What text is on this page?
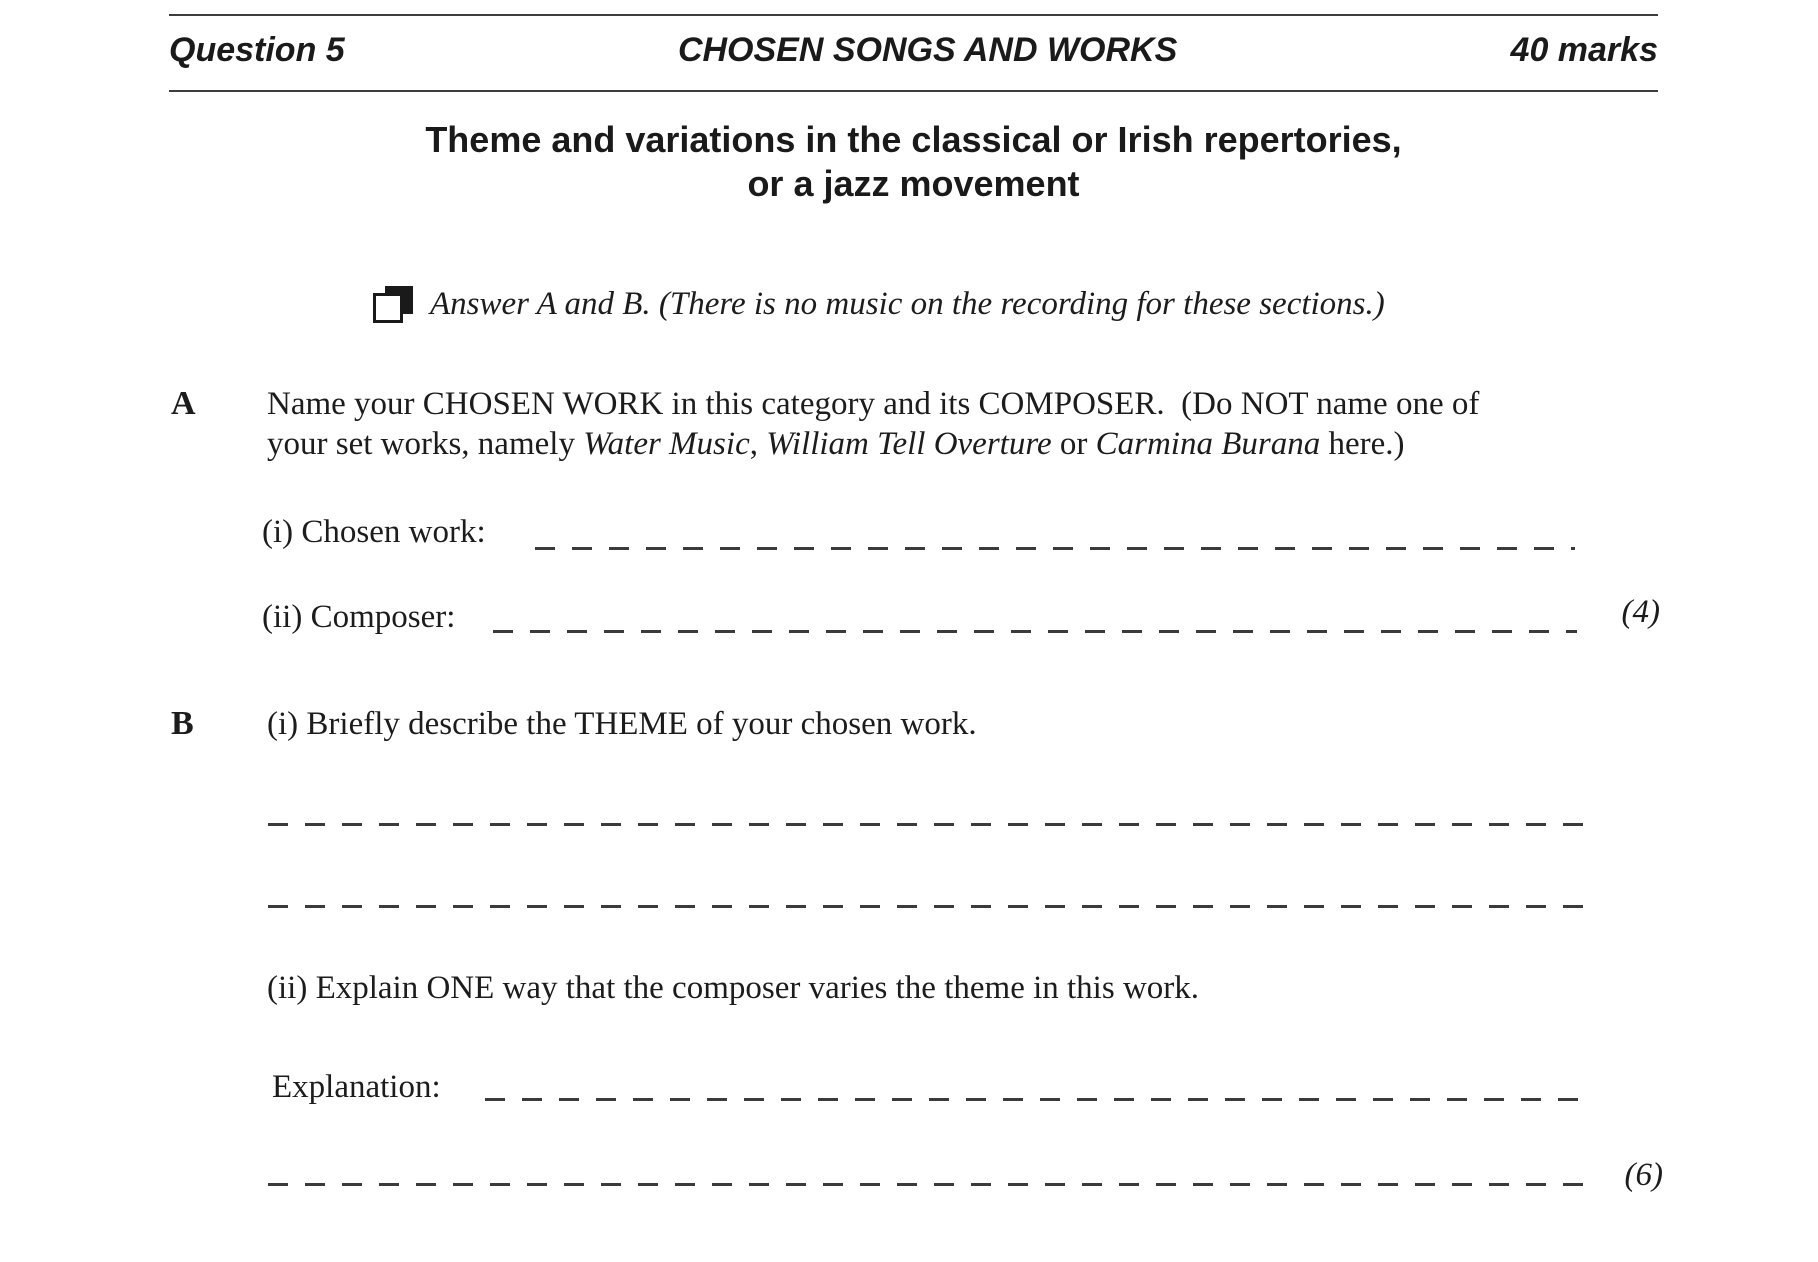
Question 5	CHOSEN SONGS AND WORKS	40 marks
Theme and variations in the classical or Irish repertories,
or a jazz movement
Answer A and B. (There is no music on the recording for these sections.)
A Name your CHOSEN WORK in this category and its COMPOSER.  (Do NOT name one of
your set works, namely Water Music, William Tell Overture or Carmina Burana here.)
(i) Chosen work:
(ii) Composer:	(4)
B (i) Briefly describe the THEME of your chosen work.
(ii) Explain ONE way that the composer varies the theme in this work.
Explanation:
(6)
